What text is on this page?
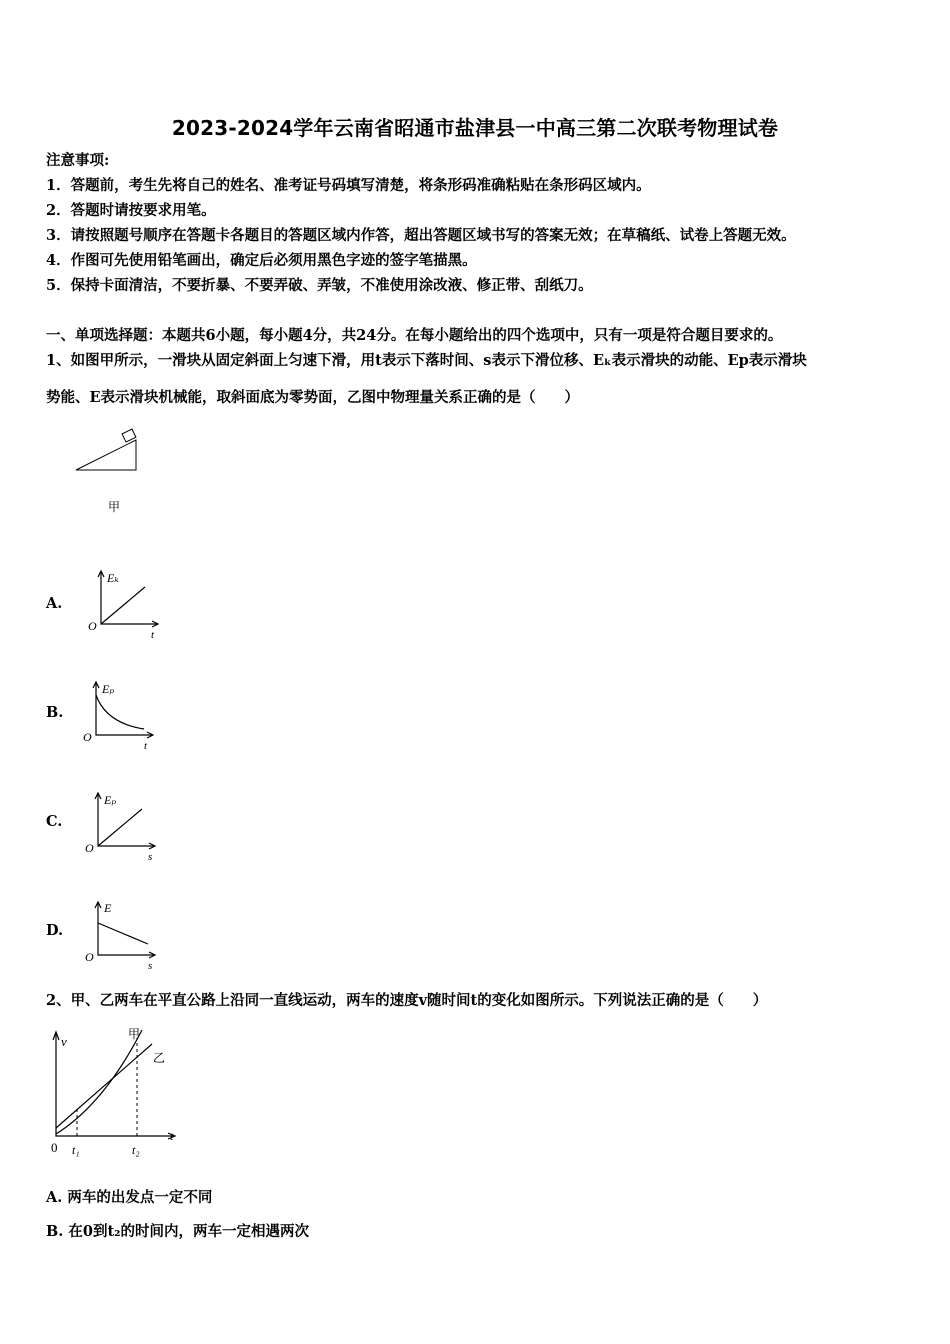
2023-2024学年云南省昭通市盐津县一中高三第二次联考物理试卷
注意事项:
1．答题前，考生先将自己的姓名、准考证号码填写清楚，将条形码准确粘贴在条形码区域内。
2．答题时请按要求用笔。
3．请按照题号顺序在答题卡各题目的答题区域内作答，超出答题区域书写的答案无效；在草稿纸、试卷上答题无效。
4．作图可先使用铅笔画出，确定后必须用黑色字迹的签字笔描黑。
5．保持卡面清洁，不要折暴、不要弄破、弄皱，不准使用涂改液、修正带、刮纸刀。
一、单项选择题：本题共6小题，每小题4分，共24分。在每小题给出的四个选项中，只有一项是符合题目要求的。
1、如图甲所示，一滑块从固定斜面上匀速下滑，用t表示下落时间、s表示下滑位移、Eₖ表示滑块的动能、Ep表示滑块
势能、E表示滑块机械能，取斜面底为零势面，乙图中物理量关系正确的是（　　）
甲
A.
Eₖ
t
O
B.
Eₚ
t
O
C.
Eₚ
s
O
D.
E
s
O
2、甲、乙两车在平直公路上沿同一直线运动，两车的速度v随时间t的变化如图所示。下列说法正确的是（　　）
v
t
0 t₁	t₂
甲
乙
A. 两车的出发点一定不同
B. 在0到t₂的时间内，两车一定相遇两次
